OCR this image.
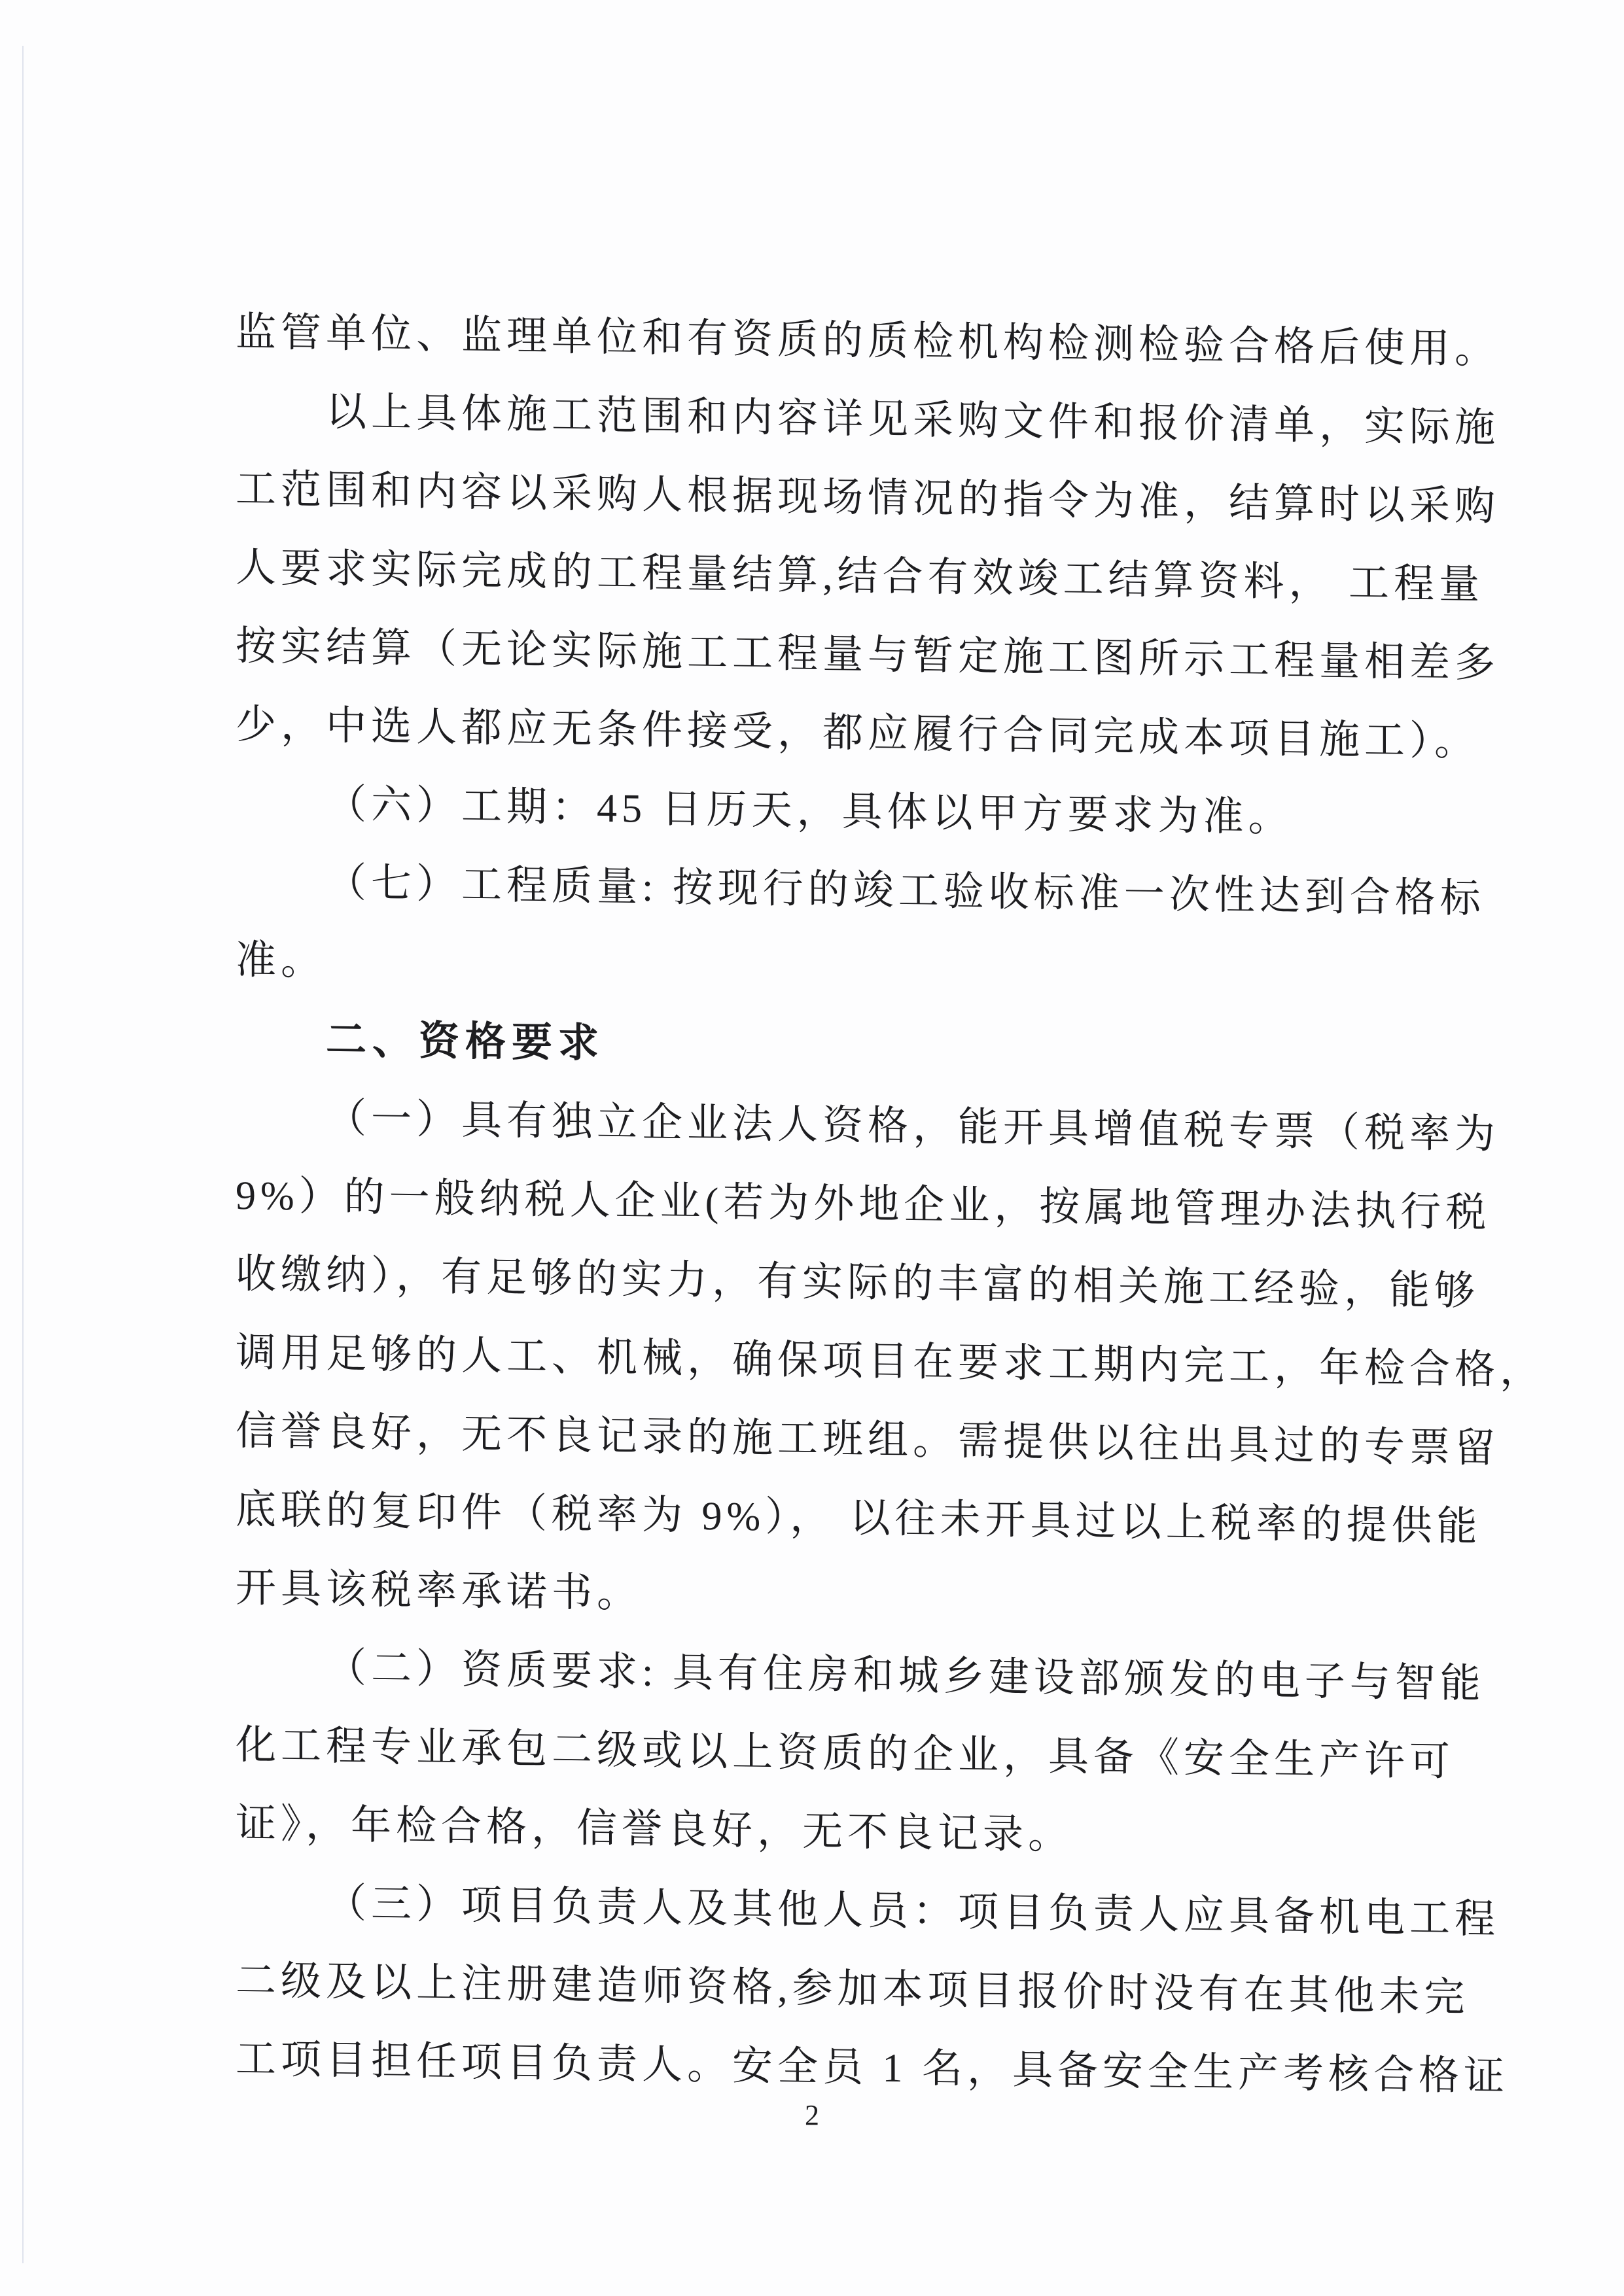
监管单位、监理单位和有资质的质检机构检测检验合格后使用。
以上具体施工范围和内容详见采购文件和报价清单，实际施
工范围和内容以采购人根据现场情况的指令为准，结算时以采购
人要求实际完成的工程量结算,结合有效竣工结算资料， 工程量
按实结算（无论实际施工工程量与暂定施工图所示工程量相差多
少，中选人都应无条件接受，都应履行合同完成本项目施工）。
（六）工期：45 日历天，具体以甲方要求为准。
（七）工程质量: 按现行的竣工验收标准一次性达到合格标
准。
二、资格要求
（一）具有独立企业法人资格，能开具增值税专票（税率为
9%）的一般纳税人企业(若为外地企业，按属地管理办法执行税
收缴纳），有足够的实力，有实际的丰富的相关施工经验，能够
调用足够的人工、机械，确保项目在要求工期内完工，年检合格，
信誉良好，无不良记录的施工班组。需提供以往出具过的专票留
底联的复印件（税率为 9%）， 以往未开具过以上税率的提供能
开具该税率承诺书。
（二）资质要求: 具有住房和城乡建设部颁发的电子与智能
化工程专业承包二级或以上资质的企业，具备《安全生产许可
证》，年检合格，信誉良好，无不良记录。
（三）项目负责人及其他人员：项目负责人应具备机电工程
二级及以上注册建造师资格,参加本项目报价时没有在其他未完
工项目担任项目负责人。安全员 1 名，具备安全生产考核合格证
2
